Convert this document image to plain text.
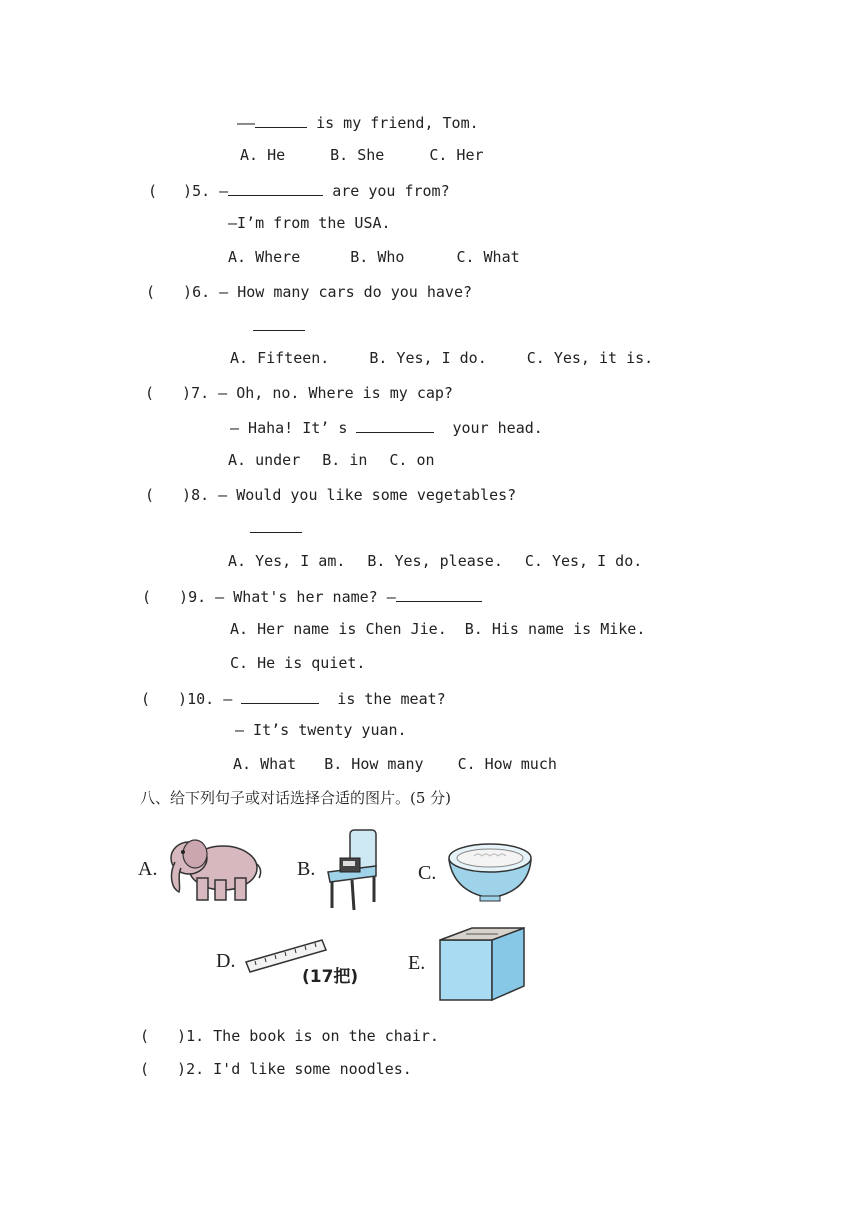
——	is my friend, Tom.
A. He	B. She	C. Her
( )5. —	are you from?
—I’m from the USA.
A. Where	B. Who	C. What
( )6. — How many cars do you have?
A. Fifteen.	B. Yes, I do.	C. Yes, it is.
( )7. — Oh, no. Where is my cap?
— Haha! It’ s	your head.
A. under B. in C. on
( )8. — Would you like some vegetables?
A. Yes, I am. B. Yes, please. C. Yes, I do.
( )9. — What's her name? —
A. Her name is Chen Jie. B. His name is Mike.
C. He is quiet.
( )10. —	is the meat?
— It’s twenty yuan.
A. What B. How many C. How much
八、给下列句子或对话选择合适的图片。(5 分)
A.	B.	C.
D.
(17把)
E.
( )1. The book is on the chair.
( )2. I'd like some noodles.
